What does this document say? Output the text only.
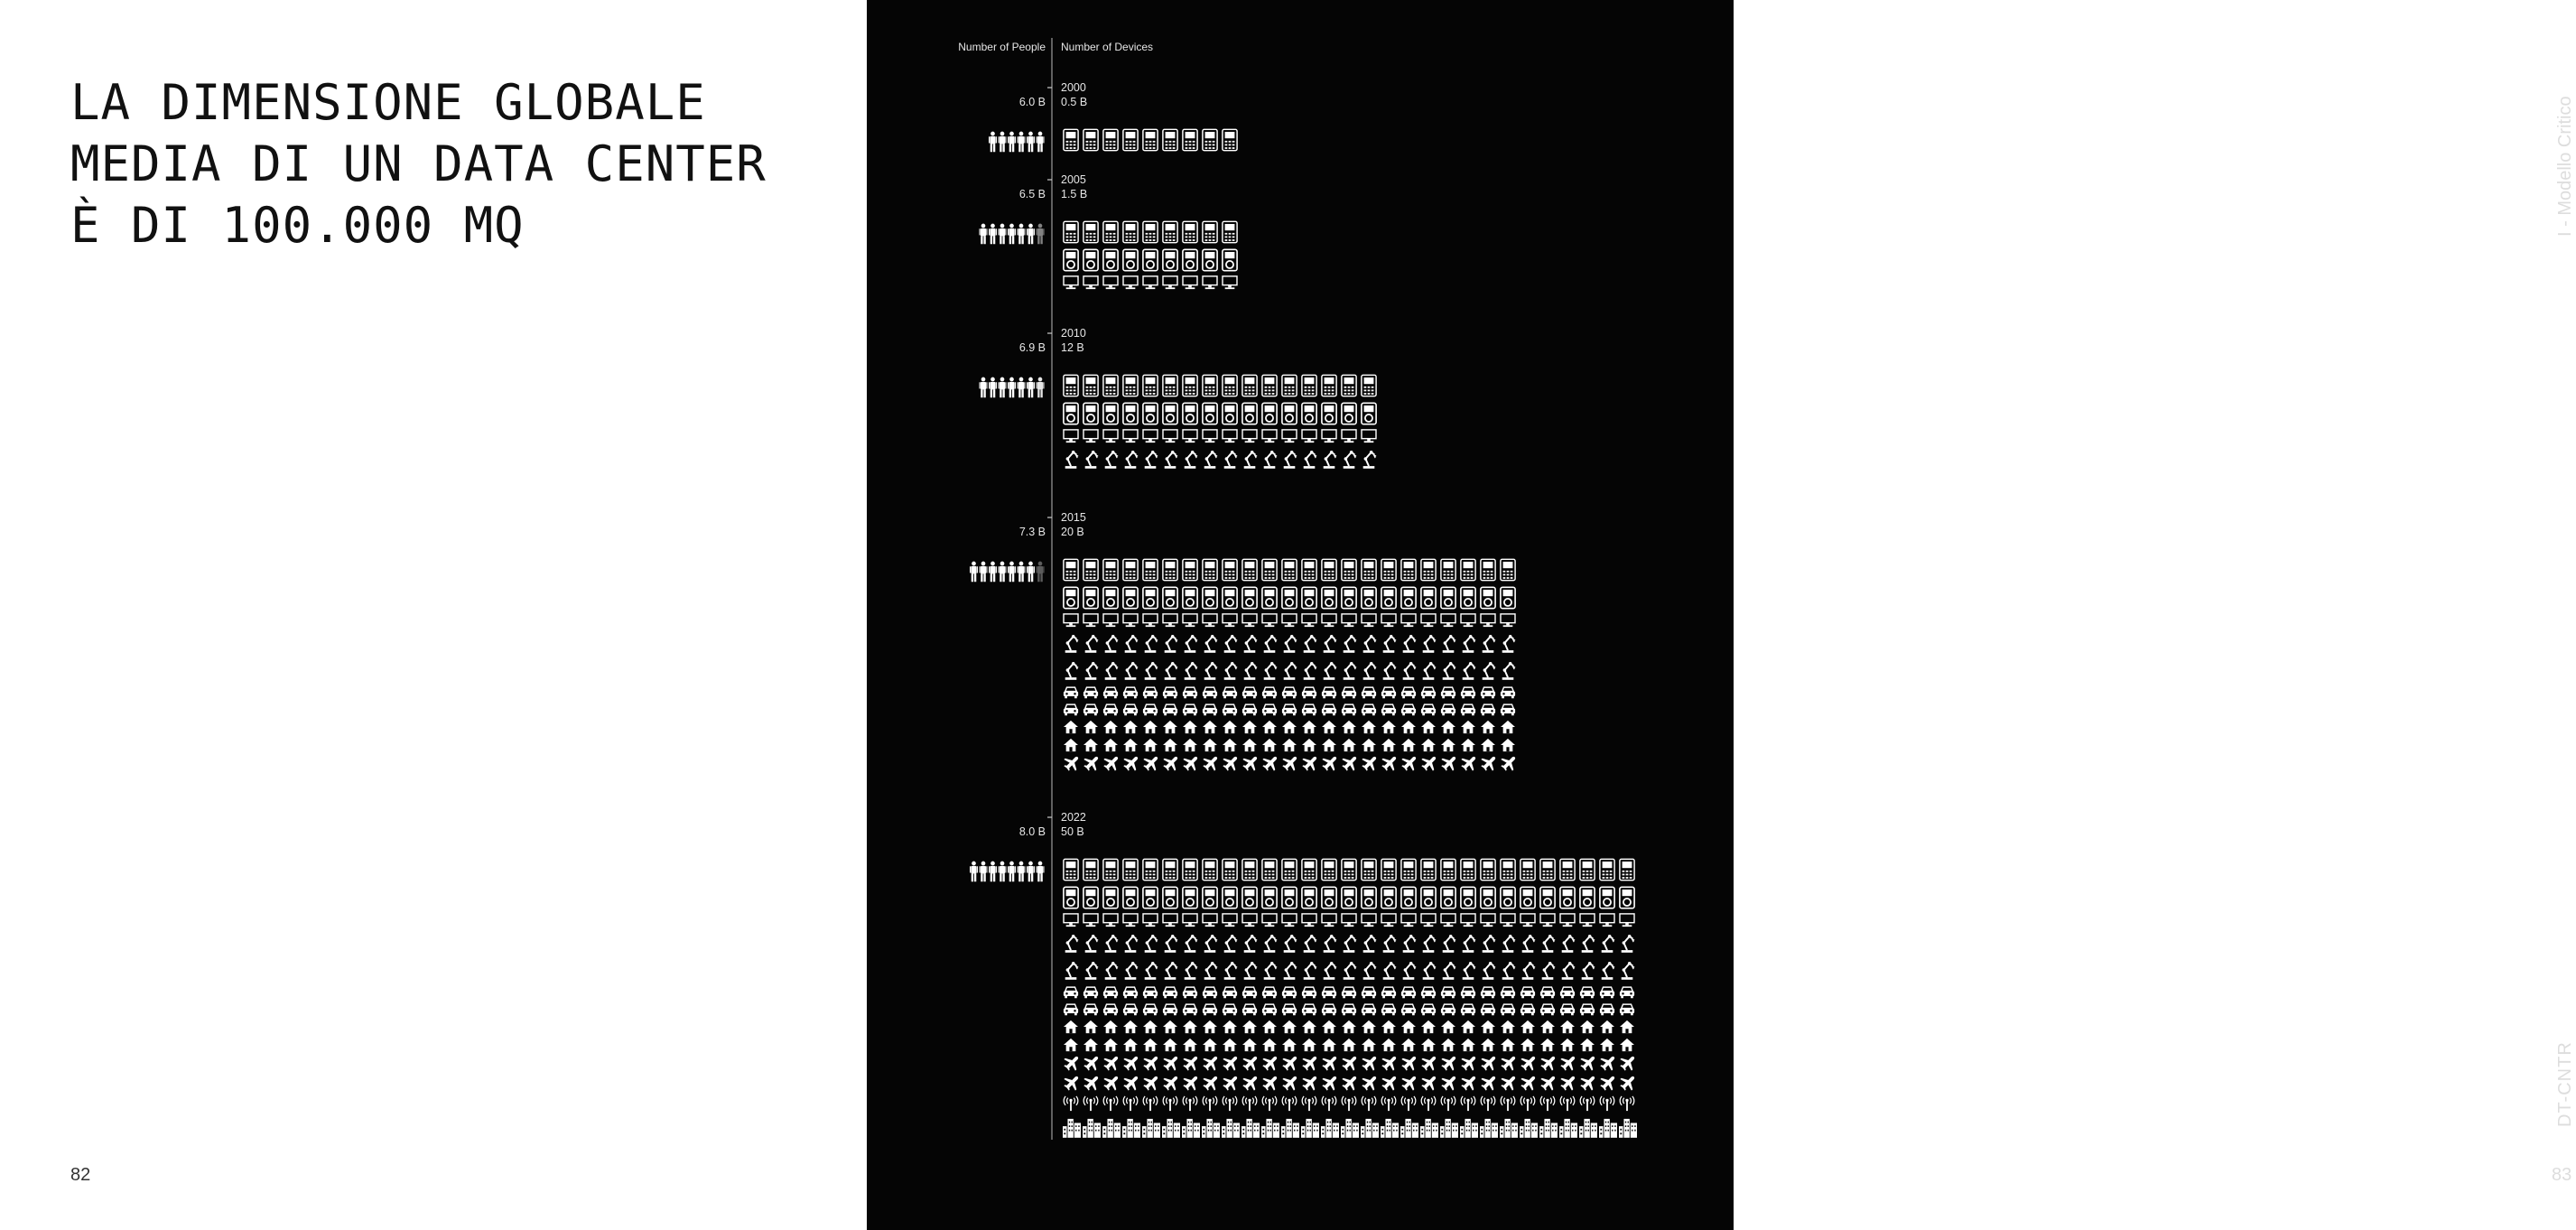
LA DIMENSIONE GLOBALE
MEDIA DI UN DATA CENTER
È DI 100.000 MQ
82
I - Modello Critico
DT-CNTR
83
Number of People Number of Devices
2000
0.5 B
6.0 B
2005
1.5 B
6.5 B
2010
12 B
6.9 B
2015
20 B
7.3 B
2022
50 B
8.0 B
